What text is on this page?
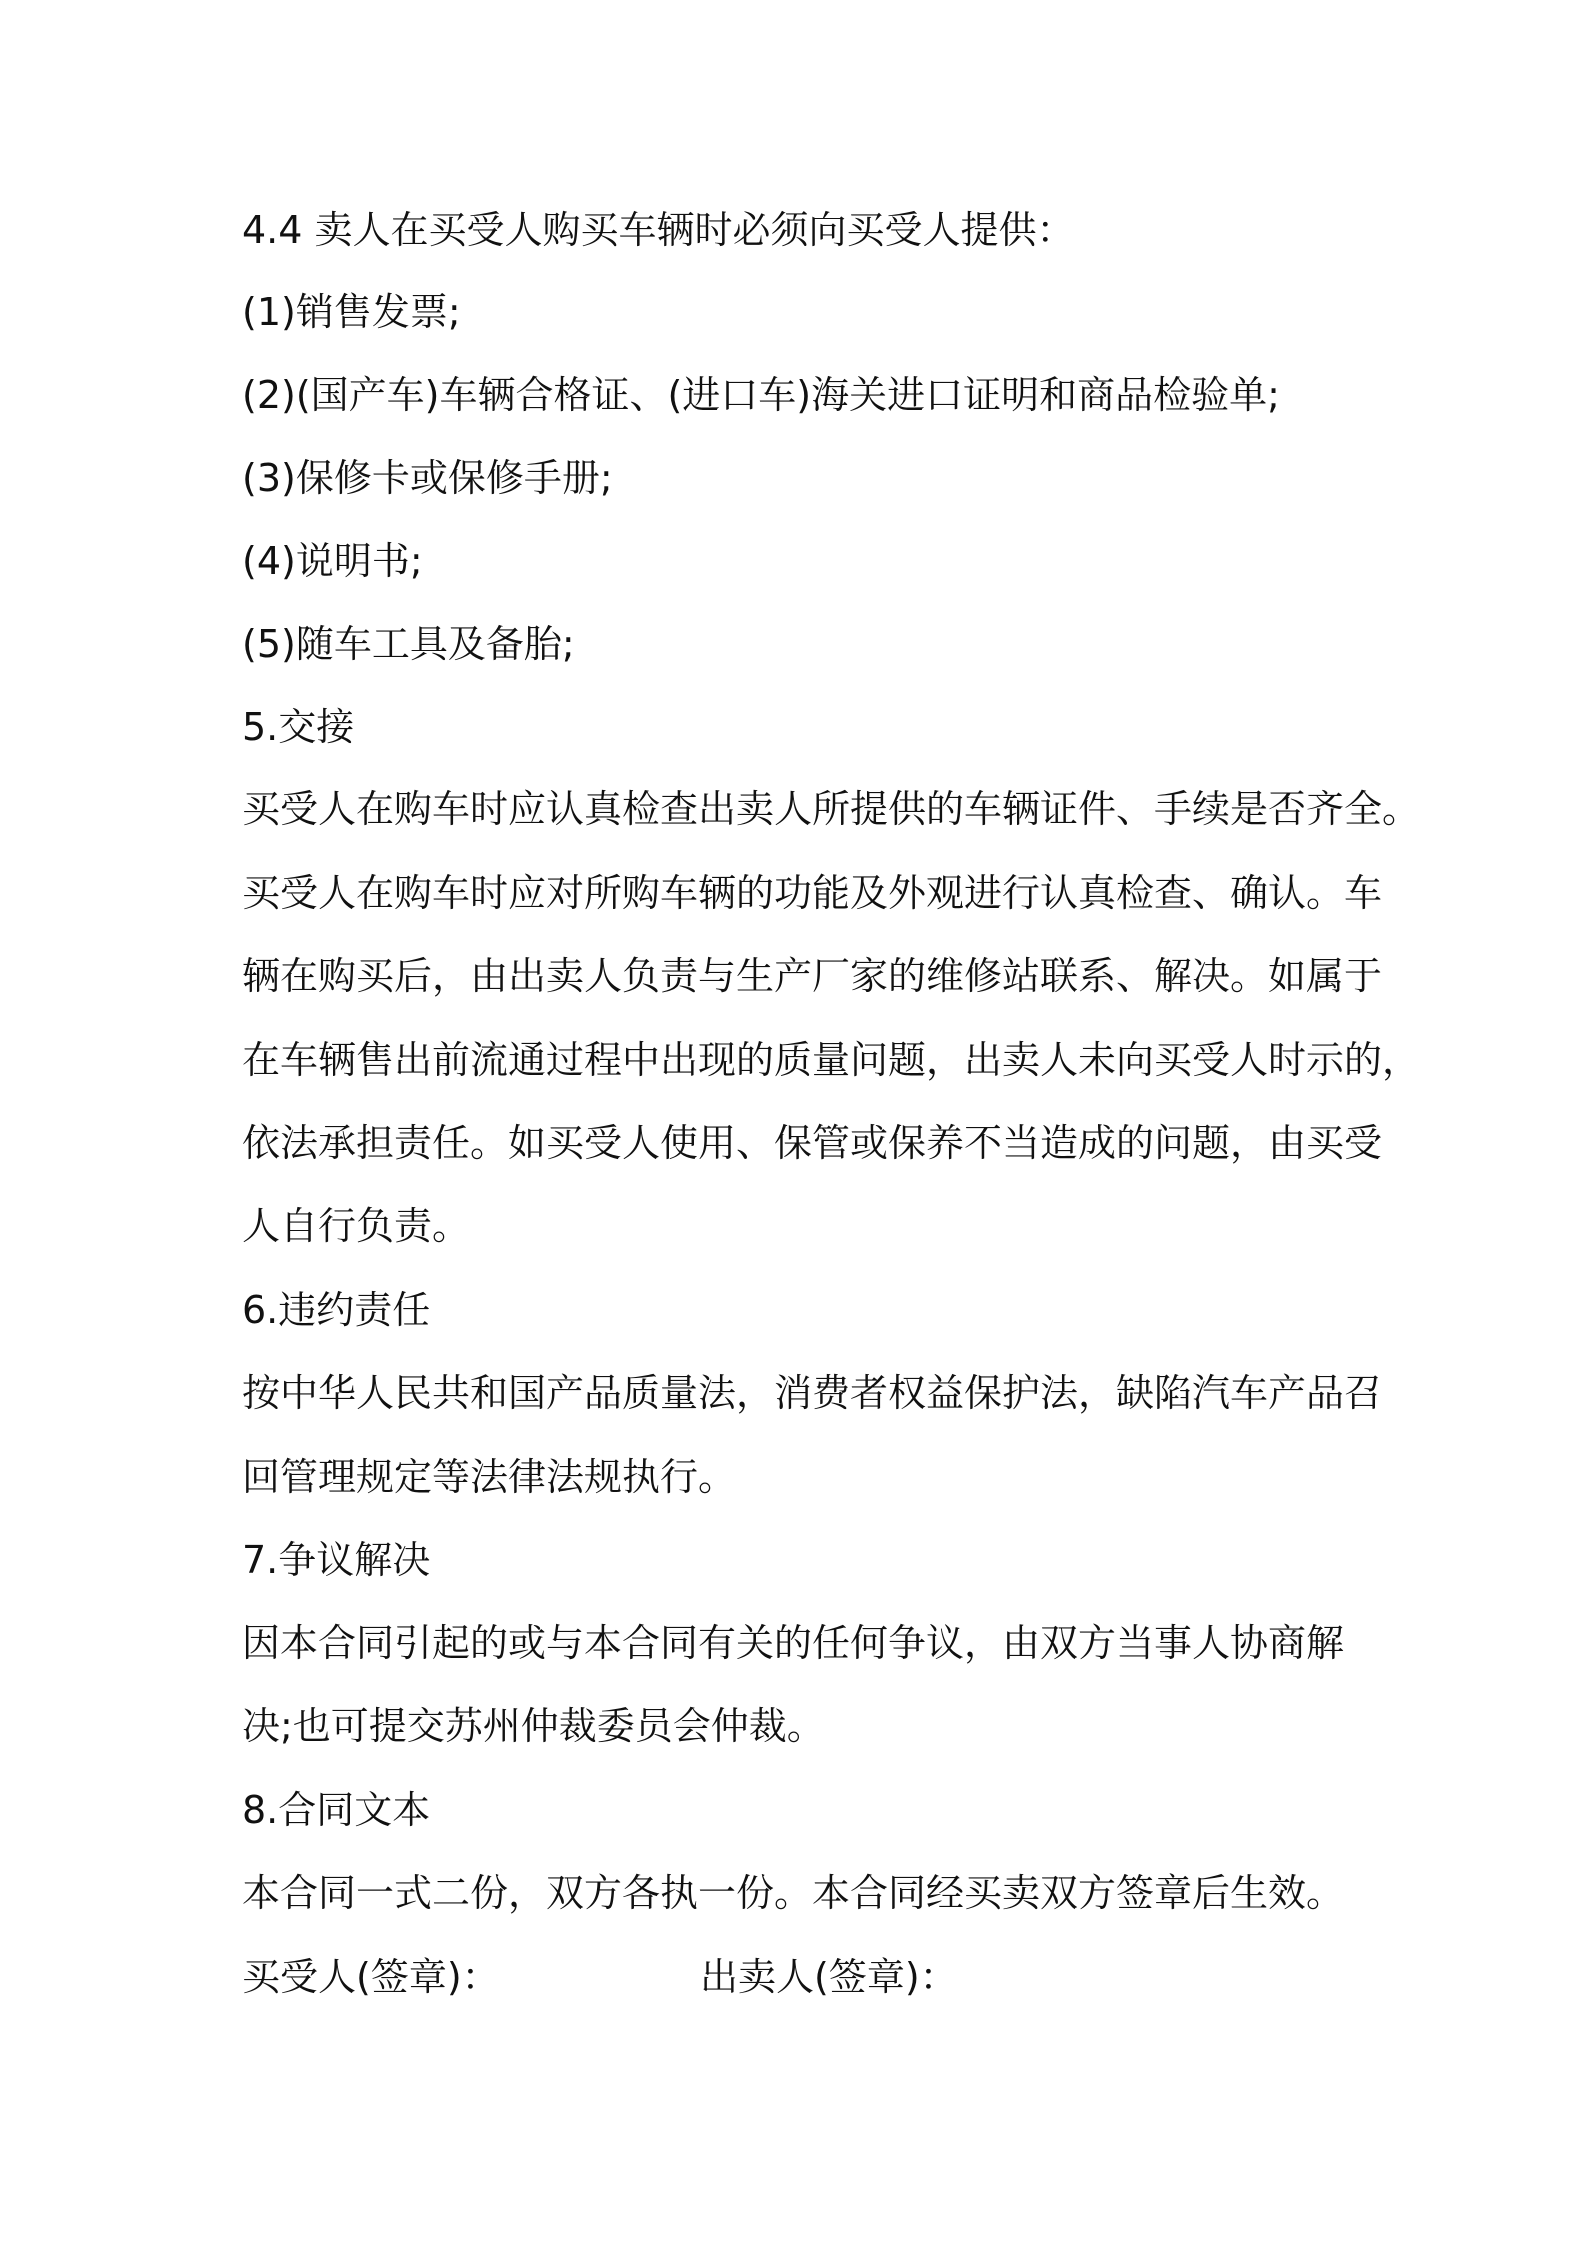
4.4 卖人在买受人购买车辆时必须向买受人提供：
(1)销售发票;
(2)(国产车)车辆合格证、(进口车)海关进口证明和商品检验单;
(3)保修卡或保修手册;
(4)说明书;
(5)随车工具及备胎;
5.交接
买受人在购车时应认真检查出卖人所提供的车辆证件、手续是否齐全。
买受人在购车时应对所购车辆的功能及外观进行认真检查、确认。车
辆在购买后，由出卖人负责与生产厂家的维修站联系、解决。如属于
在车辆售出前流通过程中出现的质量问题，出卖人未向买受人时示的，
依法承担责任。如买受人使用、保管或保养不当造成的问题，由买受
人自行负责。
6.违约责任
按中华人民共和国产品质量法，消费者权益保护法，缺陷汽车产品召
回管理规定等法律法规执行。
7.争议解决
因本合同引起的或与本合同有关的任何争议，由双方当事人协商解
决;也可提交苏州仲裁委员会仲裁。
8.合同文本
本合同一式二份，双方各执一份。本合同经买卖双方签章后生效。
买受人(签章)：	出卖人(签章)：
